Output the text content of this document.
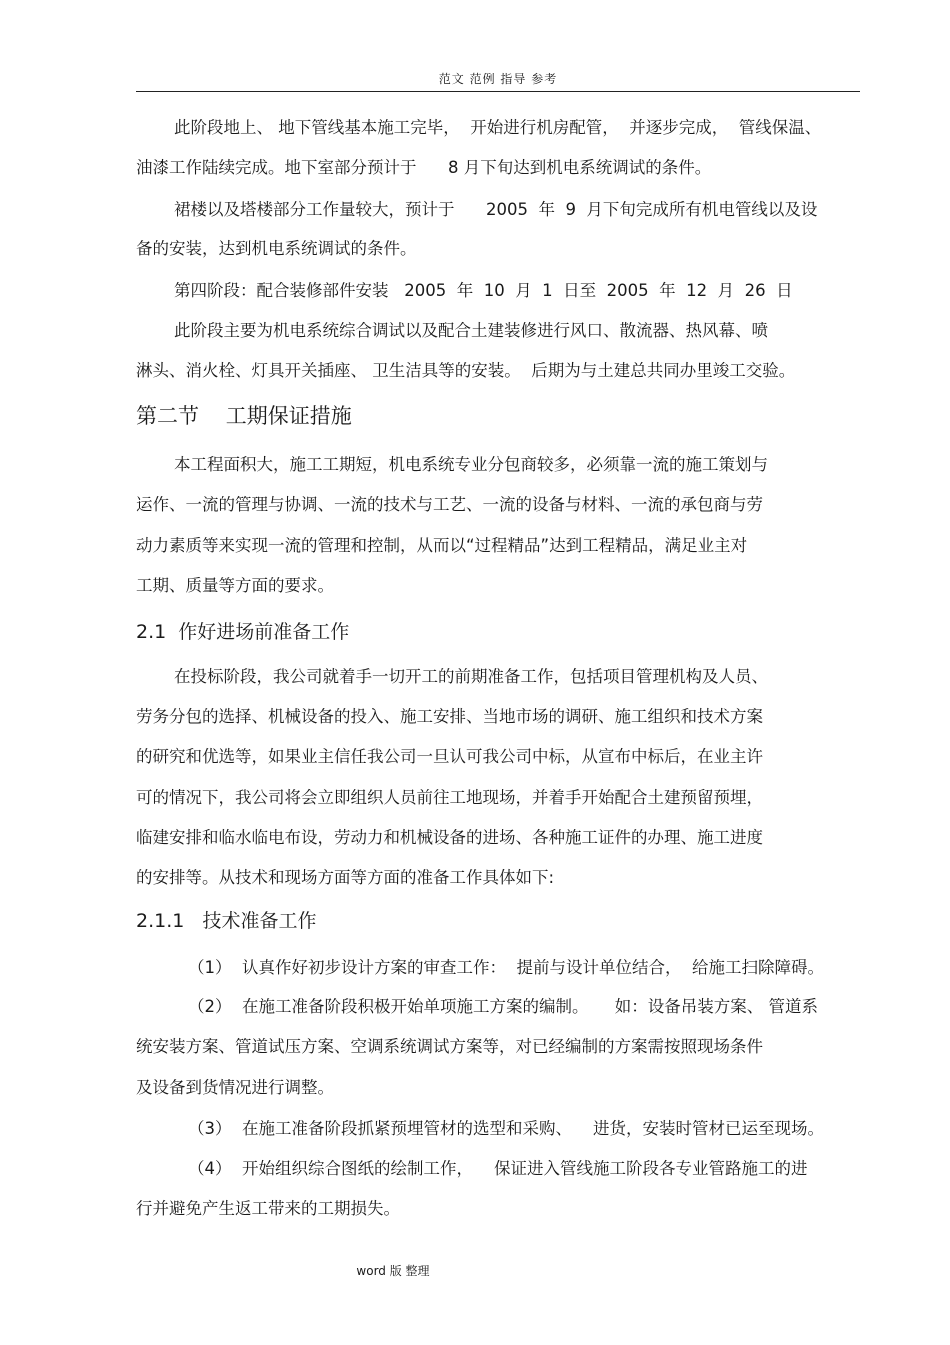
范文 范例 指导 参考
此阶段地上、 地下管线基本施工完毕，  开始进行机房配管，  并逐步完成，  管线保温、
油漆工作陆续完成。地下室部分预计于      8 月下旬达到机电系统调试的条件。
裙楼以及塔楼部分工作量较大，预计于      2005  年  9  月下旬完成所有机电管线以及设
备的安装，达到机电系统调试的条件。
第四阶段：配合装修部件安装   2005  年  10  月  1  日至  2005  年  12  月  26  日
此阶段主要为机电系统综合调试以及配合土建装修进行风口、散流器、热风幕、喷
淋头、消火栓、灯具开关插座、 卫生洁具等的安装。  后期为与土建总共同办里竣工交验。
第二节    工期保证措施
本工程面积大，施工工期短，机电系统专业分包商较多，必须靠一流的施工策划与
运作、一流的管理与协调、一流的技术与工艺、一流的设备与材料、一流的承包商与劳
动力素质等来实现一流的管理和控制，从而以“过程精品”达到工程精品，满足业主对
工期、质量等方面的要求。
2.1  作好进场前准备工作
在投标阶段，我公司就着手一切开工的前期准备工作，包括项目管理机构及人员、
劳务分包的选择、机械设备的投入、施工安排、当地市场的调研、施工组织和技术方案
的研究和优选等，如果业主信任我公司一旦认可我公司中标，从宣布中标后，在业主许
可的情况下，我公司将会立即组织人员前往工地现场，并着手开始配合土建预留预埋，
临建安排和临水临电布设，劳动力和机械设备的进场、各种施工证件的办理、施工进度
的安排等。从技术和现场方面等方面的准备工作具体如下:
2.1.1   技术准备工作
（1）  认真作好初步设计方案的审查工作：  提前与设计单位结合，  给施工扫除障碍。
（2）  在施工准备阶段积极开始单项施工方案的编制。     如：设备吊装方案、 管道系
统安装方案、管道试压方案、空调系统调试方案等，对已经编制的方案需按照现场条件
及设备到货情况进行调整。
（3）  在施工准备阶段抓紧预埋管材的选型和采购、    进货，安装时管材已运至现场。
（4）  开始组织综合图纸的绘制工作，    保证进入管线施工阶段各专业管路施工的进
行并避免产生返工带来的工期损失。
word 版 整理
